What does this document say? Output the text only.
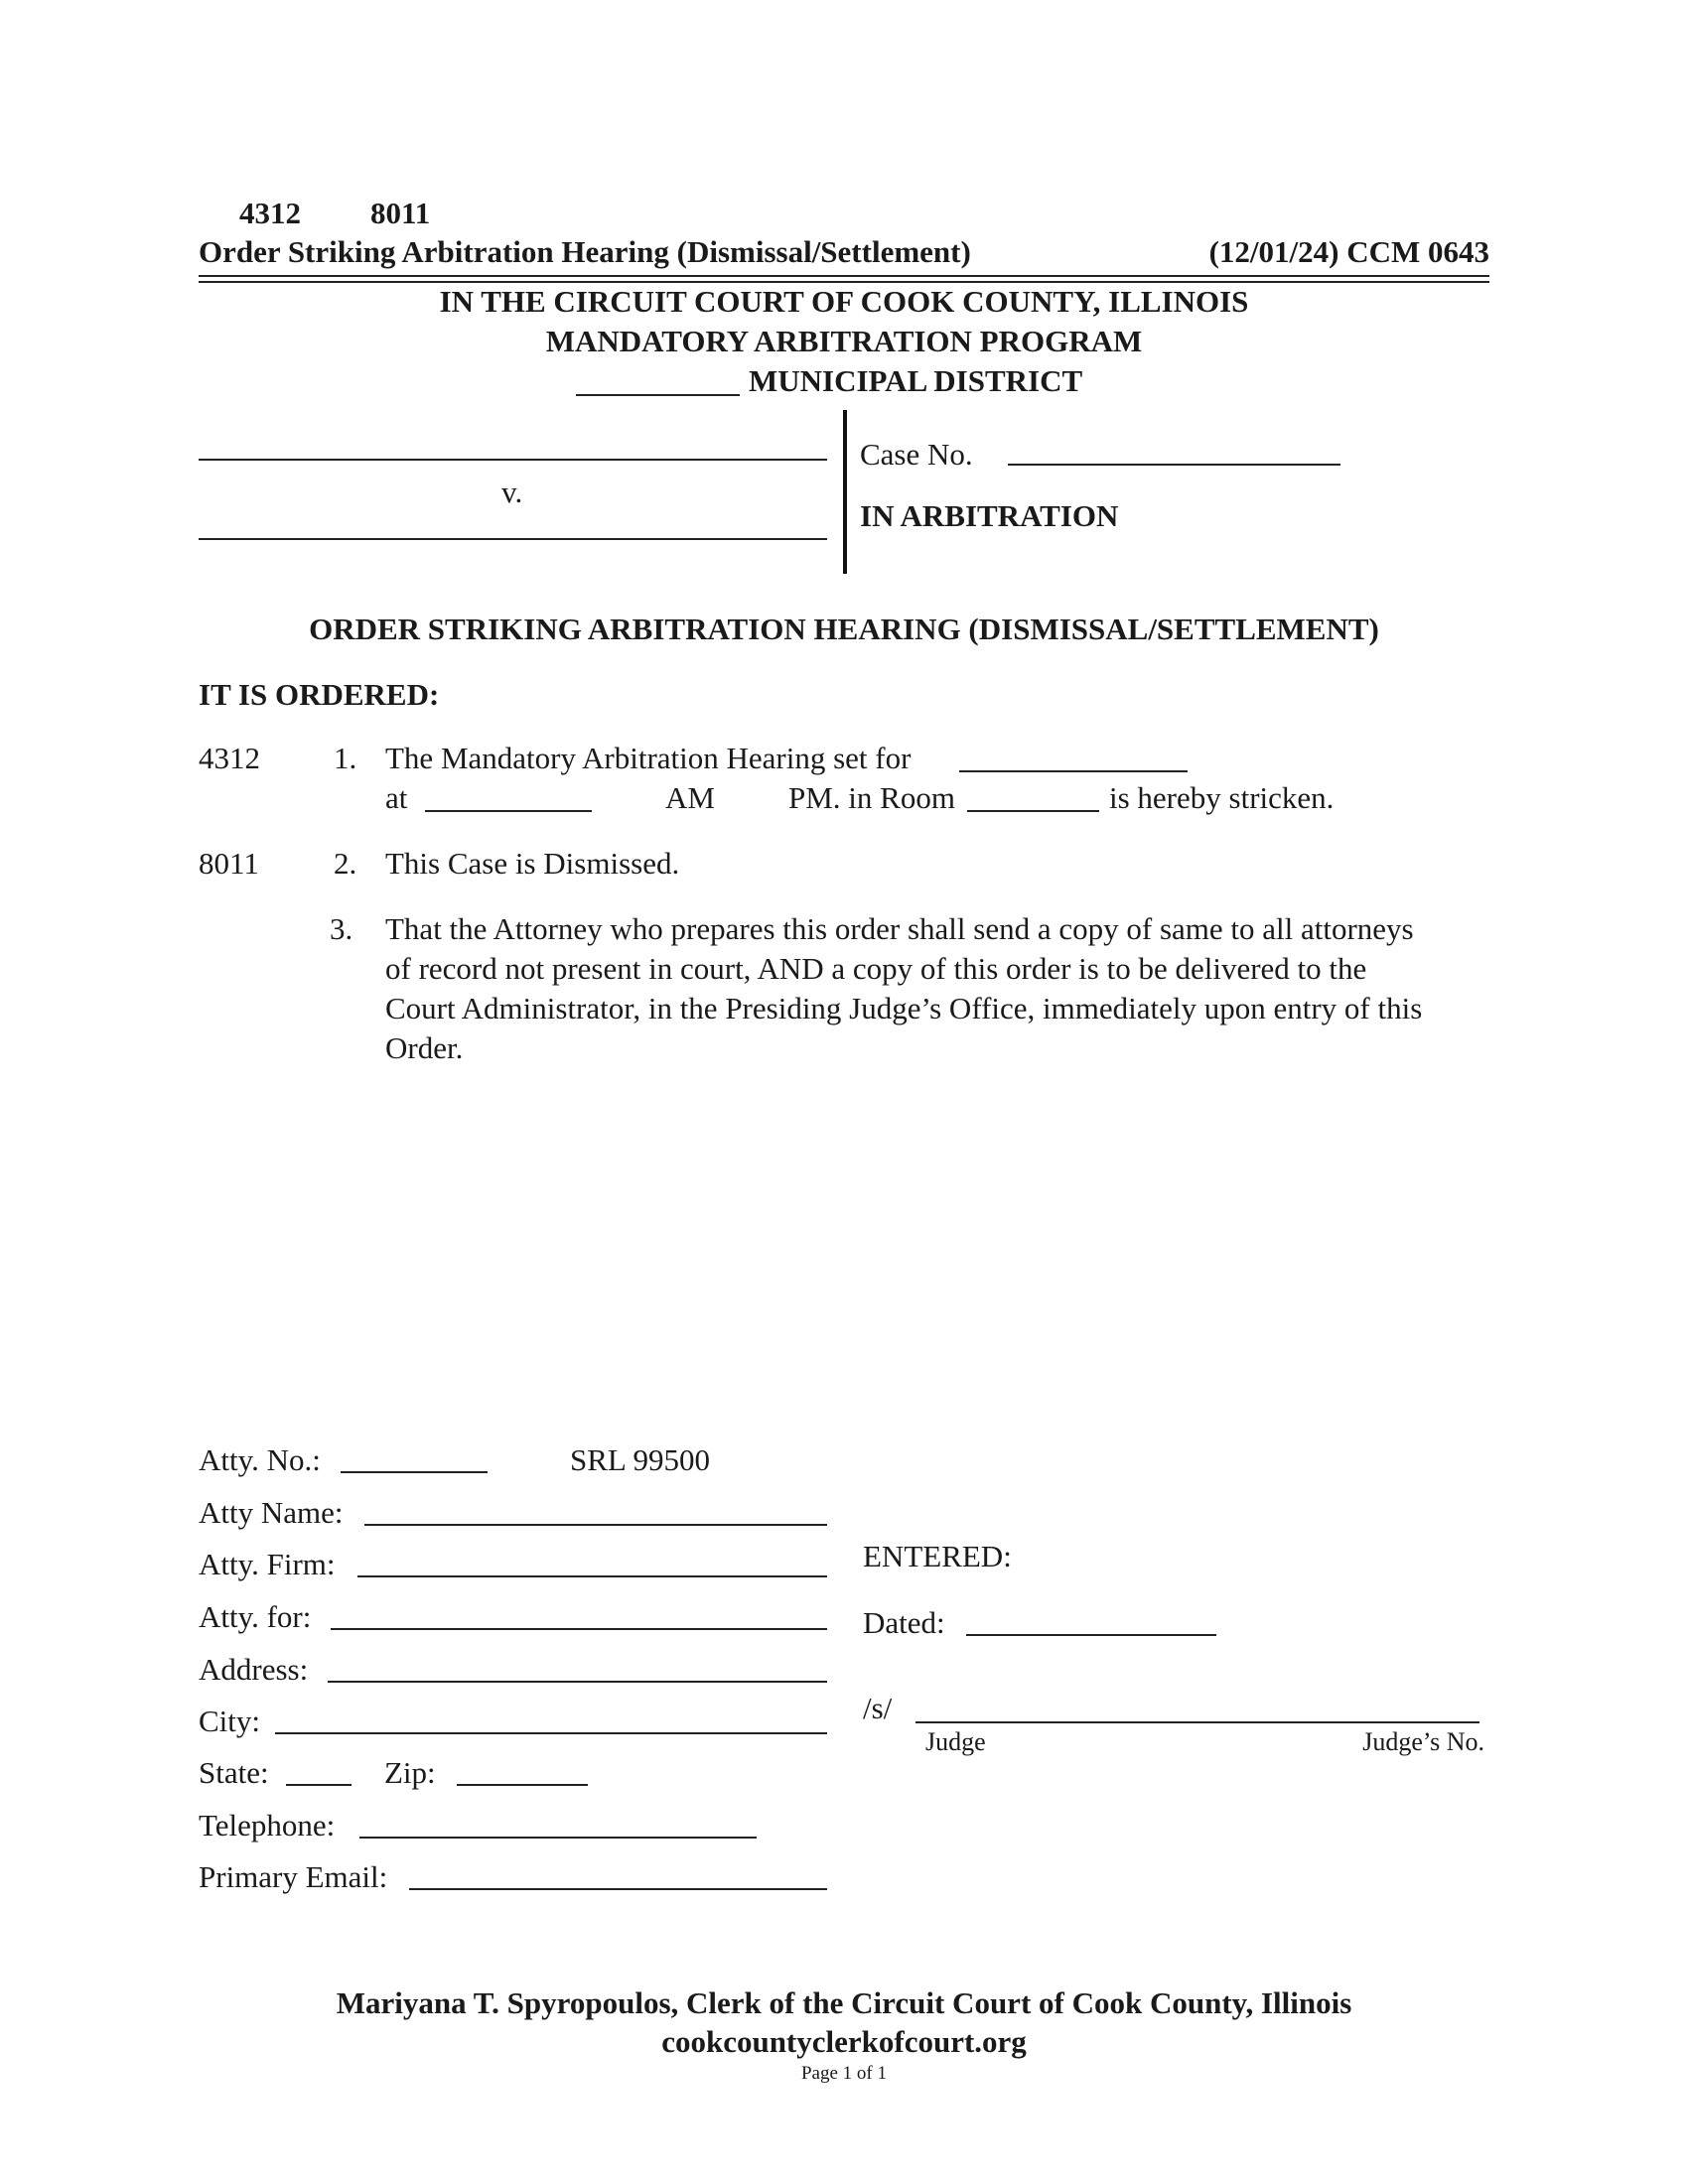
4312 8011
Order Striking Arbitration Hearing (Dismissal/Settlement)	(12/01/24) CCM 0643
IN THE CIRCUIT COURT OF COOK COUNTY, ILLINOIS
MANDATORY ARBITRATION PROGRAM
MUNICIPAL DISTRICT
v.
Case No.
IN ARBITRATION
ORDER STRIKING ARBITRATION HEARING (DISMISSAL/SETTLEMENT)
IT IS ORDERED:
4312 1. The Mandatory Arbitration Hearing set for
at	AM PM. in Room	is hereby stricken.
8011 2. This Case is Dismissed.
3. That the Attorney who prepares this order shall send a copy of same to all attorneys
of record not present in court, AND a copy of this order is to be delivered to the
Court Administrator, in the Presiding Judge’s Office, immediately upon entry of this
Order.
Atty. No.:	SRL 99500
Atty Name:
Atty. Firm:
Atty. for:
Address:
City:
State:	Zip:
Telephone:
Primary Email:
ENTERED:
Dated:
/s/
Judge	Judge’s No.
Mariyana T. Spyropoulos, Clerk of the Circuit Court of Cook County, Illinois
cookcountyclerkofcourt.org
Page 1 of 1
